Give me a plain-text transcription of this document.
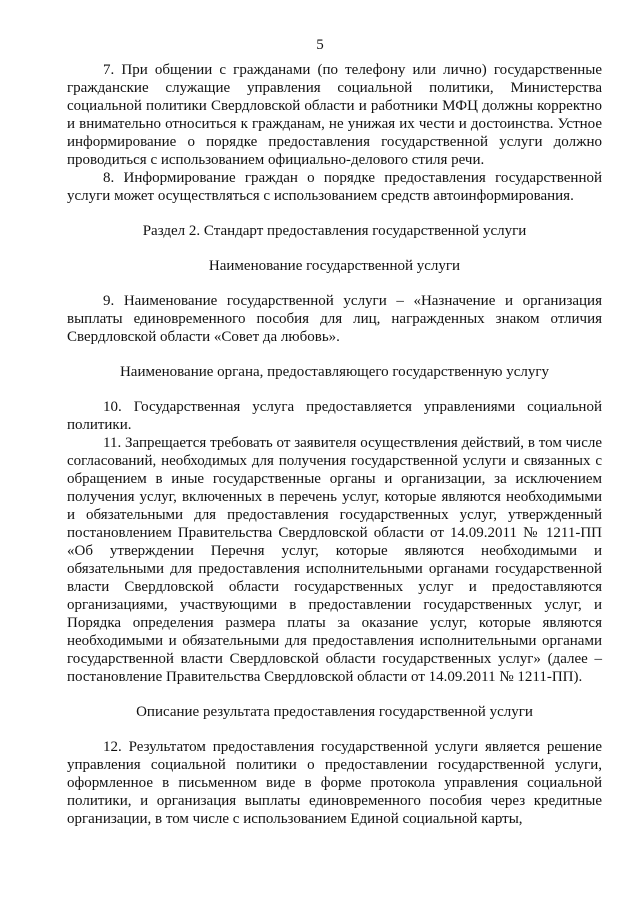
5

7. При общении с гражданами (по телефону или лично) государственные гражданские служащие управления социальной политики, Министерства социальной политики Свердловской области и работники МФЦ должны корректно и внимательно относиться к гражданам, не унижая их чести и достоинства. Устное информирование о порядке предоставления государственной услуги должно проводиться с использованием официально-делового стиля речи.

8. Информирование граждан о порядке предоставления государственной услуги может осуществляться с использованием средств автоинформирования.

Раздел 2. Стандарт предоставления государственной услуги

Наименование государственной услуги

9. Наименование государственной услуги – «Назначение и организация выплаты единовременного пособия для лиц, награжденных знаком отличия Свердловской области «Совет да любовь».

Наименование органа, предоставляющего государственную услугу

10. Государственная услуга предоставляется управлениями социальной политики.

11. Запрещается требовать от заявителя осуществления действий, в том числе согласований, необходимых для получения государственной услуги и связанных с обращением в иные государственные органы и организации, за исключением получения услуг, включенных в перечень услуг, которые являются необходимыми и обязательными для предоставления государственных услуг, утвержденный постановлением Правительства Свердловской области от 14.09.2011 № 1211-ПП «Об утверждении Перечня услуг, которые являются необходимыми и обязательными для предоставления исполнительными органами государственной власти Свердловской области государственных услуг и предоставляются организациями, участвующими в предоставлении государственных услуг, и Порядка определения размера платы за оказание услуг, которые являются необходимыми и обязательными для предоставления исполнительными органами государственной власти Свердловской области государственных услуг» (далее – постановление Правительства Свердловской области от 14.09.2011 № 1211-ПП).

Описание результата предоставления государственной услуги

12. Результатом предоставления государственной услуги является решение управления социальной политики о предоставлении государственной услуги, оформленное в письменном виде в форме протокола управления социальной политики, и организация выплаты единовременного пособия через кредитные организации, в том числе с использованием Единой социальной карты,
